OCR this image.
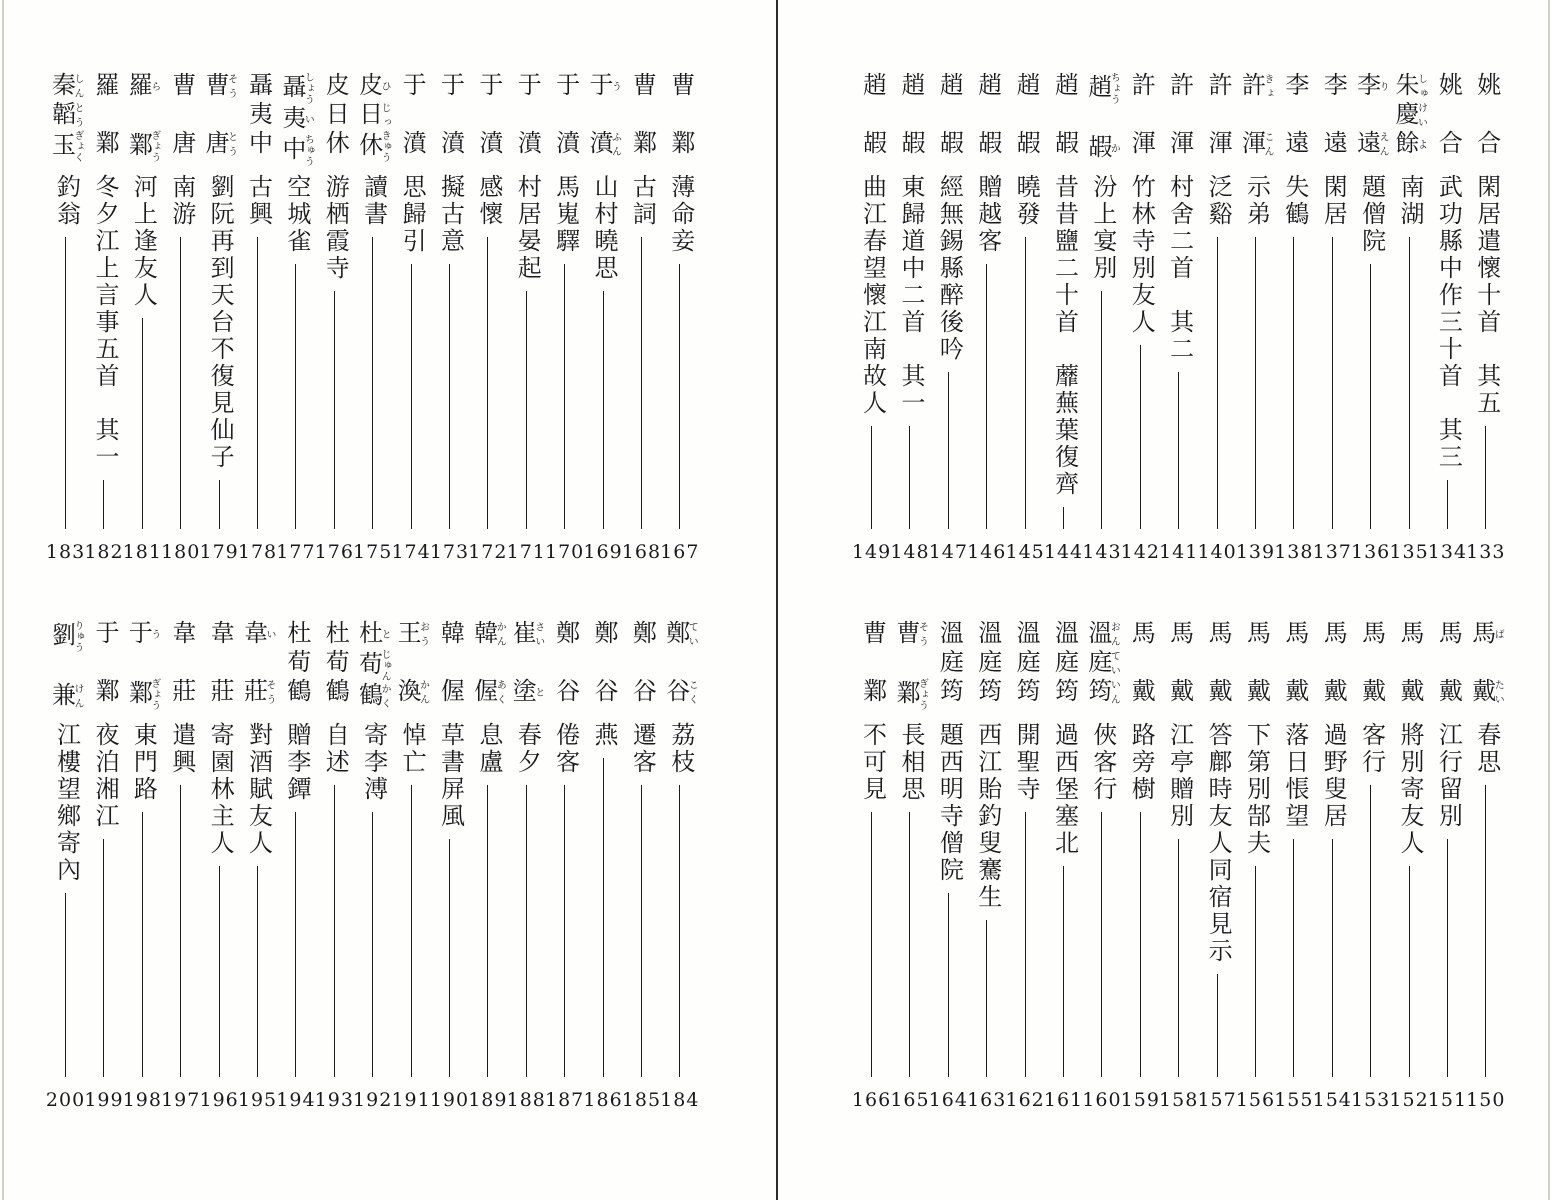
曹　鄴
薄命妾
167
曹　鄴
古詞
168
于う　濆ふん
山村曉思
169
于　濆
馬嵬驛
170
于　濆
村居晏起
171
于　濆
感懷
172
于　濆
擬古意
173
于　濆
思歸引
174
皮ひ日じっ休きゅう
讀書
175
皮日休
游栖霞寺
176
聶しょう夷い中ちゅう
空城雀
177
聶夷中
古興
178
曹そう　唐とう
劉阮再到天台不復見仙子
179
曹　唐
南游
180
羅ら　鄴ぎょう
河上逢友人
181
羅　鄴
冬夕江上言事五首　其一
182
秦しん韜とう玉ぎょく
釣翁
183
鄭てい　谷こく
荔枝
184
鄭　谷
遷客
185
鄭　谷
燕
186
鄭　谷
倦客
187
崔さい　塗と
春夕
188
韓かん　偓あく
息盧
189
韓　偓
草書屏風
190
王おう　渙かん
悼亡
191
杜と荀じゅん鶴かく
寄李溥
192
杜荀鶴
自述
193
杜荀鶴
贈李鐔
194
韋い　莊そう
對酒賦友人
195
韋　莊
寄園林主人
196
韋　莊
遣興
197
于う　鄴ぎょう
東門路
198
于　鄴
夜泊湘江
199
劉りゅう　兼けん
江樓望鄉寄內
200
姚　合
閑居遣懷十首　其五
133
姚　合
武功縣中作三十首　其三
134
朱しゅ慶けい餘よ
南湖
135
李り　遠えん
題僧院
136
李　遠
閑居
137
李　遠
失鶴
138
許きょ　渾こん
示弟
139
許　渾
泛谿
140
許　渾
村舍二首　其二
141
許　渾
竹林寺別友人
142
趙ちょう　嘏か
汾上宴別
143
趙　嘏
昔昔鹽二十首　蘼蕪葉復齊
144
趙　嘏
曉發
145
趙　嘏
贈越客
146
趙　嘏
經無錫縣醉後吟
147
趙　嘏
東歸道中二首　其一
148
趙　嘏
曲江春望懷江南故人
149
馬ば　戴たい
春思
150
馬　戴
江行留別
151
馬　戴
將別寄友人
152
馬　戴
客行
153
馬　戴
過野叟居
154
馬　戴
落日悵望
155
馬　戴
下第別郜夫
156
馬　戴
答鄜時友人同宿見示
157
馬　戴
江亭贈別
158
馬　戴
路旁樹
159
溫おん庭てい筠いん
俠客行
160
溫庭筠
過西堡塞北
161
溫庭筠
開聖寺
162
溫庭筠
西江貽釣叟騫生
163
溫庭筠
題西明寺僧院
164
曹そう　鄴ぎょう
長相思
165
曹　鄴
不可見
166
